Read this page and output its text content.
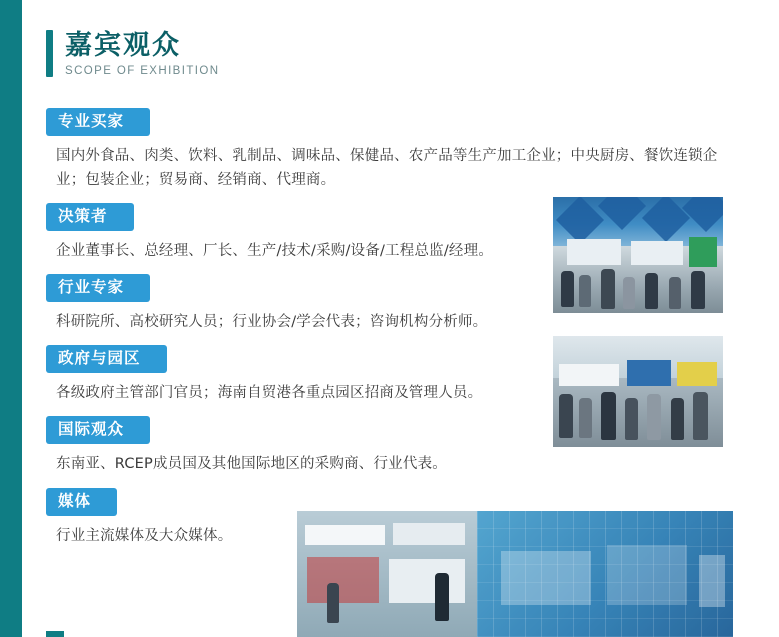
嘉宾观众
SCOPE OF EXHIBITION
专业买家
国内外食品、肉类、饮料、乳制品、调味品、保健品、农产品等生产加工企业；中央厨房、餐饮连锁企业；包装企业；贸易商、经销商、代理商。
决策者
企业董事长、总经理、厂长、生产/技术/采购/设备/工程总监/经理。
行业专家
科研院所、高校研究人员；行业协会/学会代表；咨询机构分析师。
政府与园区
各级政府主管部门官员；海南自贸港各重点园区招商及管理人员。
国际观众
东南亚、RCEP成员国及其他国际地区的采购商、行业代表。
媒体
行业主流媒体及大众媒体。
